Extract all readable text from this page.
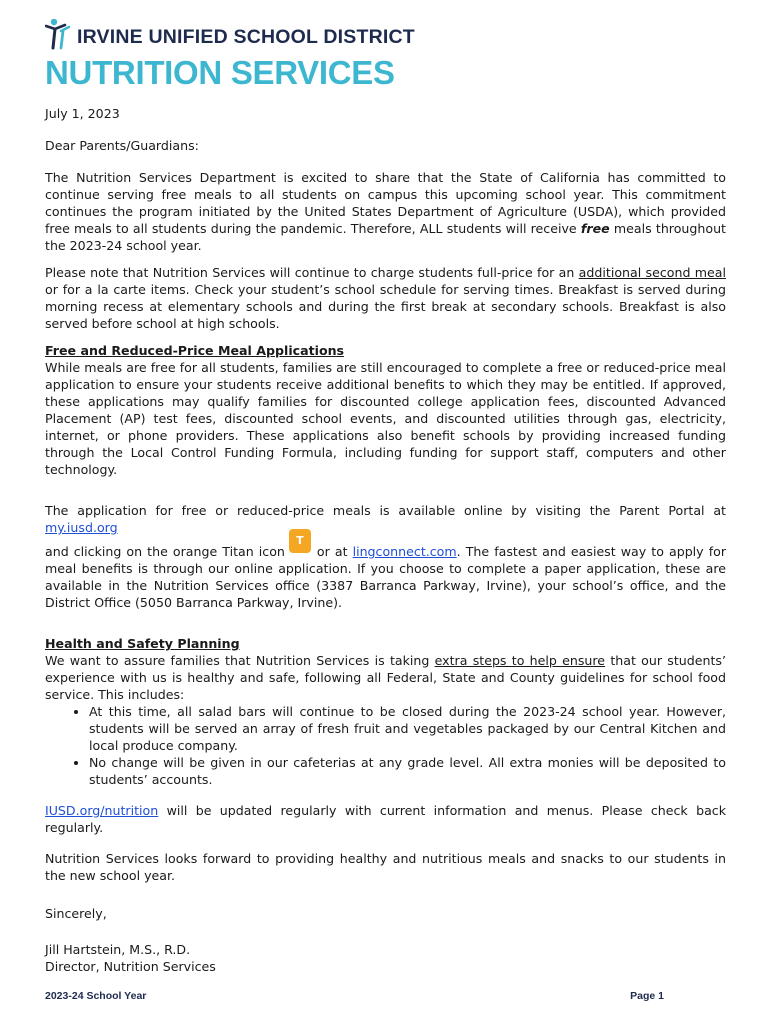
IRVINE UNIFIED SCHOOL DISTRICT
NUTRITION SERVICES

July 1, 2023

Dear Parents/Guardians:

The Nutrition Services Department is excited to share that the State of California has committed to continue serving free meals to all students on campus this upcoming school year. This commitment continues the program initiated by the United States Department of Agriculture (USDA), which provided free meals to all students during the pandemic. Therefore, ALL students will receive free meals throughout the 2023-24 school year.

Please note that Nutrition Services will continue to charge students full-price for an additional second meal or for a la carte items. Check your student’s school schedule for serving times. Breakfast is served during morning recess at elementary schools and during the first break at secondary schools. Breakfast is also served before school at high schools.

Free and Reduced-Price Meal Applications

While meals are free for all students, families are still encouraged to complete a free or reduced-price meal application to ensure your students receive additional benefits to which they may be entitled. If approved, these applications may qualify families for discounted college application fees, discounted Advanced Placement (AP) test fees, discounted school events, and discounted utilities through gas, electricity, internet, or phone providers. These applications also benefit schools by providing increased funding through the Local Control Funding Formula, including funding for support staff, computers and other technology.

The application for free or reduced-price meals is available online by visiting the Parent Portal at my.iusd.org
and clicking on the orange Titan iconTor at lingconnect.com. The fastest and easiest way to apply for meal benefits is through our online application. If you choose to complete a paper application, these are available in the Nutrition Services office (3387 Barranca Parkway, Irvine), your school’s office, and the District Office (5050 Barranca Parkway, Irvine).

Health and Safety Planning

We want to assure families that Nutrition Services is taking extra steps to help ensure that our students’ experience with us is healthy and safe, following all Federal, State and County guidelines for school food service. This includes:

• At this time, all salad bars will continue to be closed during the 2023-24 school year. However, students will be served an array of fresh fruit and vegetables packaged by our Central Kitchen and local produce company.
• No change will be given in our cafeterias at any grade level. All extra monies will be deposited to students’ accounts.

IUSD.org/nutrition will be updated regularly with current information and menus. Please check back regularly.

Nutrition Services looks forward to providing healthy and nutritious meals and snacks to our students in the new school year.

Sincerely,

Jill Hartstein, M.S., R.D.

Director, Nutrition Services

2023-24 School Year	Page 1
